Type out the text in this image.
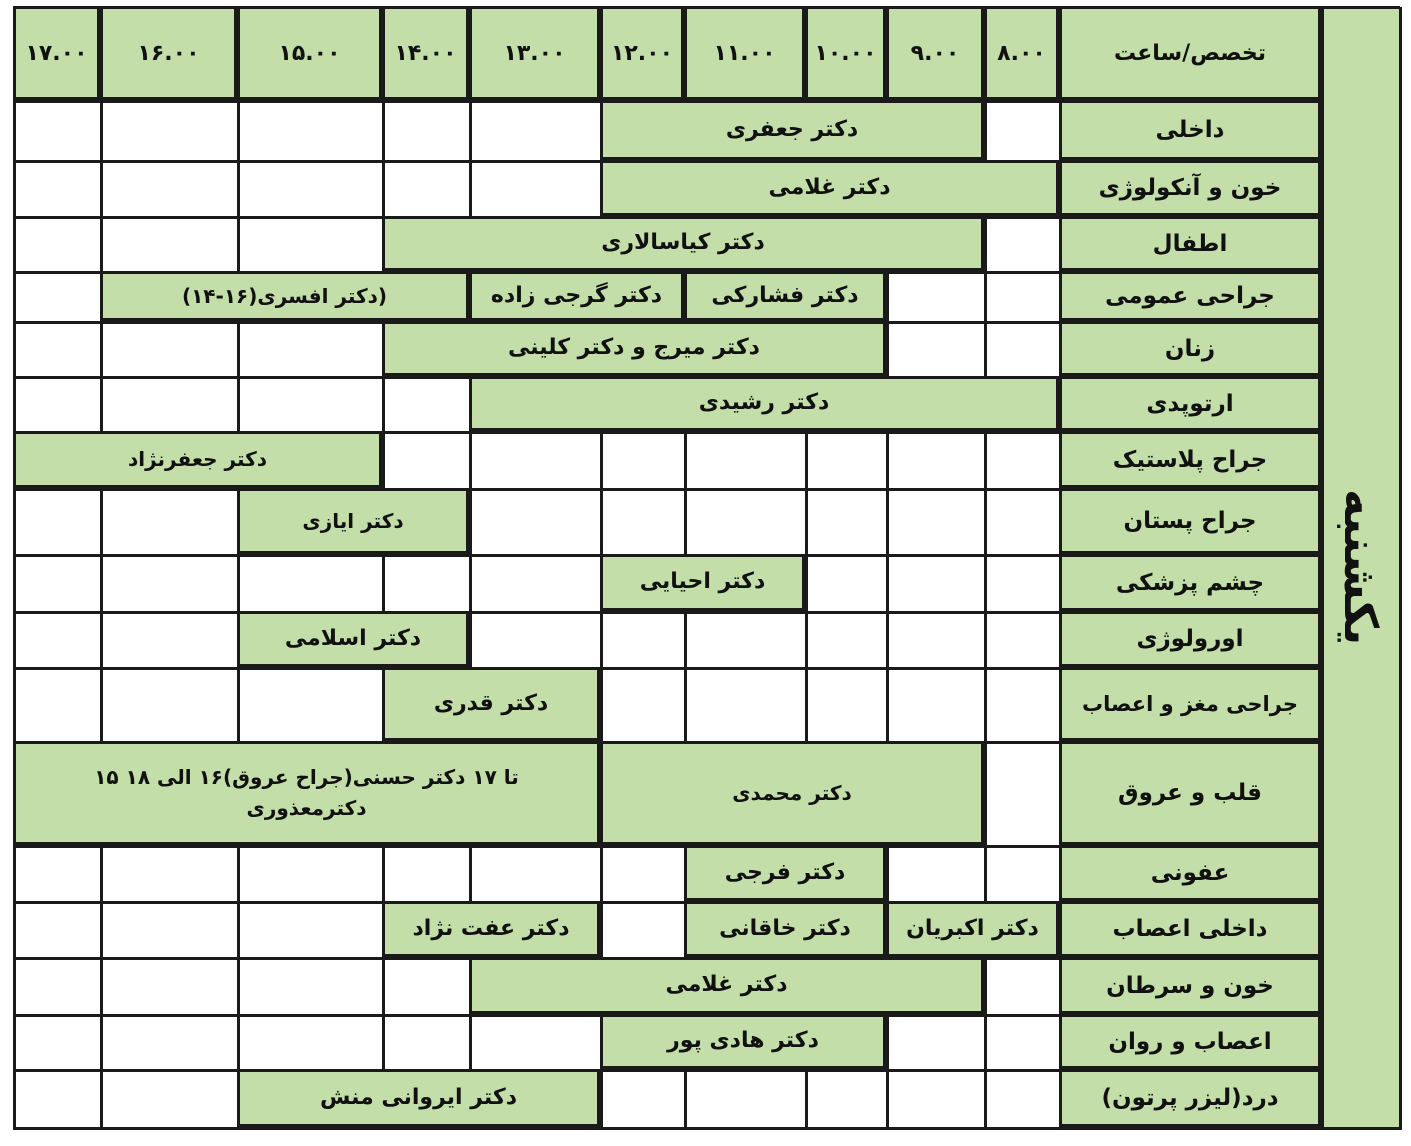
یکشنبه
تخصص/ساعت
۸.۰۰
۹.۰۰
۱۰.۰۰
۱۱.۰۰
۱۲.۰۰
۱۳.۰۰
۱۴.۰۰
۱۵.۰۰
۱۶.۰۰
۱۷.۰۰
داخلی
خون و آنکولوژی
اطفال
جراحی عمومی
زنان
ارتوپدی
جراح پلاستیک
جراح پستان
چشم پزشکی
اورولوژی
جراحی مغز و اعصاب
قلب و عروق
عفونی
داخلی اعصاب
خون و سرطان
اعصاب و روان
درد(لیزر پرتون)
دکتر جعفری
دکتر غلامی
دکتر کیاسالاری
دکتر فشارکی
دکتر گرجی زاده
دکتر افسری(۱۶-۱۴))
دکتر میرج و دکتر کلینی
دکتر رشیدی
دکتر جعفرنژاد
دکتر ایازی
دکتر احیایی
دکتر اسلامی
دکتر قدری
دکتر محمدی
۱۵ تا ۱۷ دکتر حسنی(جراح عروق)۱۶ الی ۱۸
دکترمعذوری
دکتر فرجی
دکتر اکبریان
دکتر خاقانی
دکتر عفت نژاد
دکتر غلامی
دکتر هادی پور
دکتر ایروانی منش
